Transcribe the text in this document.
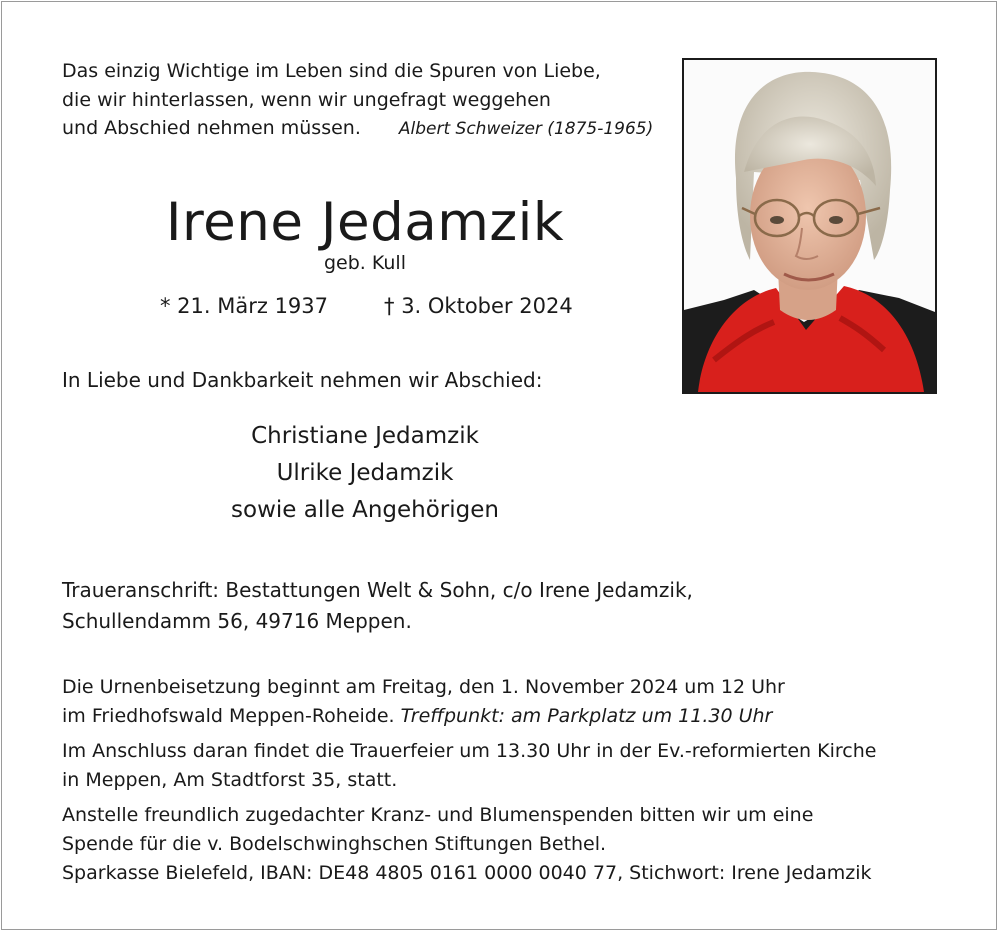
Das einzig Wichtige im Leben sind die Spuren von Liebe,
die wir hinterlassen, wenn wir ungefragt weggehen
und Abschied nehmen müssen. Albert Schweizer (1875-1965)
Irene Jedamzik
geb. Kull
* 21. März 1937	† 3. Oktober 2024
In Liebe und Dankbarkeit nehmen wir Abschied:
Christiane Jedamzik
Ulrike Jedamzik
sowie alle Angehörigen
Traueranschrift: Bestattungen Welt & Sohn, c/o Irene Jedamzik,
Schullendamm 56, 49716 Meppen.
Die Urnenbeisetzung beginnt am Freitag, den 1. November 2024 um 12 Uhr
im Friedhofswald Meppen-Roheide. Treffpunkt: am Parkplatz um 11.30 Uhr
Im Anschluss daran findet die Trauerfeier um 13.30 Uhr in der Ev.-reformierten Kirche
in Meppen, Am Stadtforst 35, statt.
Anstelle freundlich zugedachter Kranz- und Blumenspenden bitten wir um eine
Spende für die v. Bodelschwinghschen Stiftungen Bethel.
Sparkasse Bielefeld, IBAN: DE48 4805 0161 0000 0040 77, Stichwort: Irene Jedamzik
